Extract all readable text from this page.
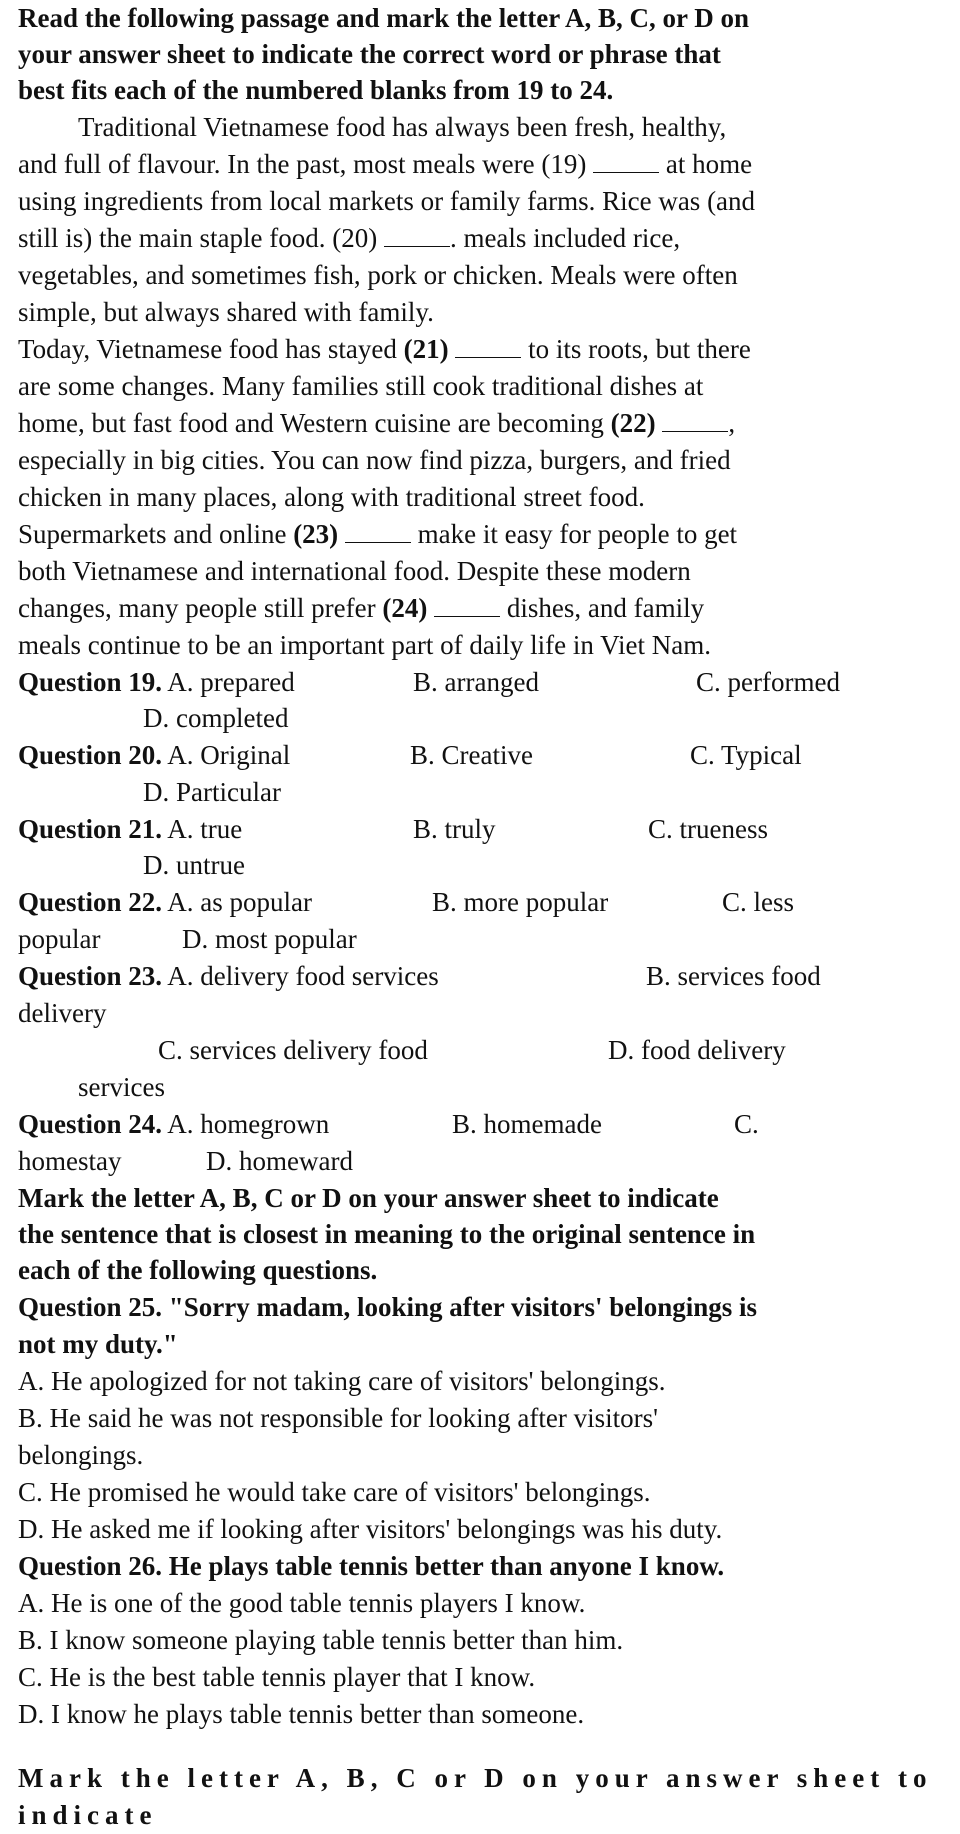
Read the following passage and mark the letter A, B, C, or D on
your answer sheet to indicate the correct word or phrase that
best fits each of the numbered blanks from 19 to 24.
Traditional Vietnamese food has always been fresh, healthy,
and full of flavour. In the past, most meals were (19)  at home
using ingredients from local markets or family farms. Rice was (and
still is) the main staple food. (20) . meals included rice,
vegetables, and sometimes fish, pork or chicken. Meals were often
simple, but always shared with family.
Today, Vietnamese food has stayed (21)	to its roots, but there
are some changes. Many families still cook traditional dishes at
home, but fast food and Western cuisine are becoming (22)	,
especially in big cities. You can now find pizza, burgers, and fried
chicken in many places, along with traditional street food.
Supermarkets and online (23)	make it easy for people to get
both Vietnamese and international food. Despite these modern
changes, many people still prefer (24)	dishes, and family
meals continue to be an important part of daily life in Viet Nam.
Question 19. A. prepared	B. arranged	C. performed
D. completed
Question 20. A. Original	B. Creative	C. Typical
D. Particular
Question 21. A. true	B. truly	C. trueness
D. untrue
Question 22. A. as popular	B. more popular	C. less
popular	D. most popular
Question 23. A. delivery food services	B. services food
delivery
C. services delivery food	D. food delivery
services
Question 24. A. homegrown	B. homemade	C.
homestay	D. homeward
Mark the letter A, B, C or D on your answer sheet to indicate
the sentence that is closest in meaning to the original sentence in
each of the following questions.
Question 25. "Sorry madam, looking after visitors' belongings is
not my duty."
A. He apologized for not taking care of visitors' belongings.
B. He said he was not responsible for looking after visitors'
belongings.
C. He promised he would take care of visitors' belongings.
D. He asked me if looking after visitors' belongings was his duty.
Question 26. He plays table tennis better than anyone I know.
A. He is one of the good table tennis players I know.
B. I know someone playing table tennis better than him.
C. He is the best table tennis player that I know.
D. I know he plays table tennis better than someone.
Mark the letter A, B, C or D on your answer sheet to indicate
